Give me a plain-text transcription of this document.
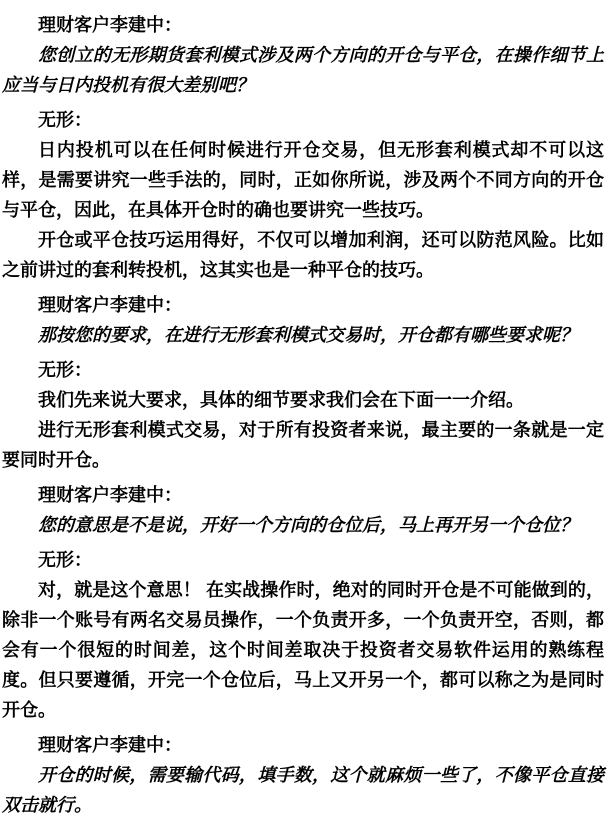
理财客户李建中：

您创立的无形期货套利模式涉及两个方向的开仓与平仓，在操作细节上应当与日内投机有很大差别吧？

无形：

日内投机可以在任何时候进行开仓交易，但无形套利模式却不可以这样，是需要讲究一些手法的，同时，正如你所说，涉及两个不同方向的开仓与平仓，因此，在具体开仓时的确也要讲究一些技巧。

开仓或平仓技巧运用得好，不仅可以增加利润，还可以防范风险。比如之前讲过的套利转投机，这其实也是一种平仓的技巧。

理财客户李建中：

那按您的要求，在进行无形套利模式交易时，开仓都有哪些要求呢？

无形：

我们先来说大要求，具体的细节要求我们会在下面一一介绍。

进行无形套利模式交易，对于所有投资者来说，最主要的一条就是一定要同时开仓。

理财客户李建中：

您的意思是不是说，开好一个方向的仓位后，马上再开另一个仓位？

无形：

对，就是这个意思！ 在实战操作时，绝对的同时开仓是不可能做到的，除非一个账号有两名交易员操作，一个负责开多，一个负责开空，否则，都会有一个很短的时间差，这个时间差取决于投资者交易软件运用的熟练程度。但只要遵循，开完一个仓位后，马上又开另一个，都可以称之为是同时开仓。

理财客户李建中：

开仓的时候，需要输代码，填手数，这个就麻烦一些了，不像平仓直接双击就行。
